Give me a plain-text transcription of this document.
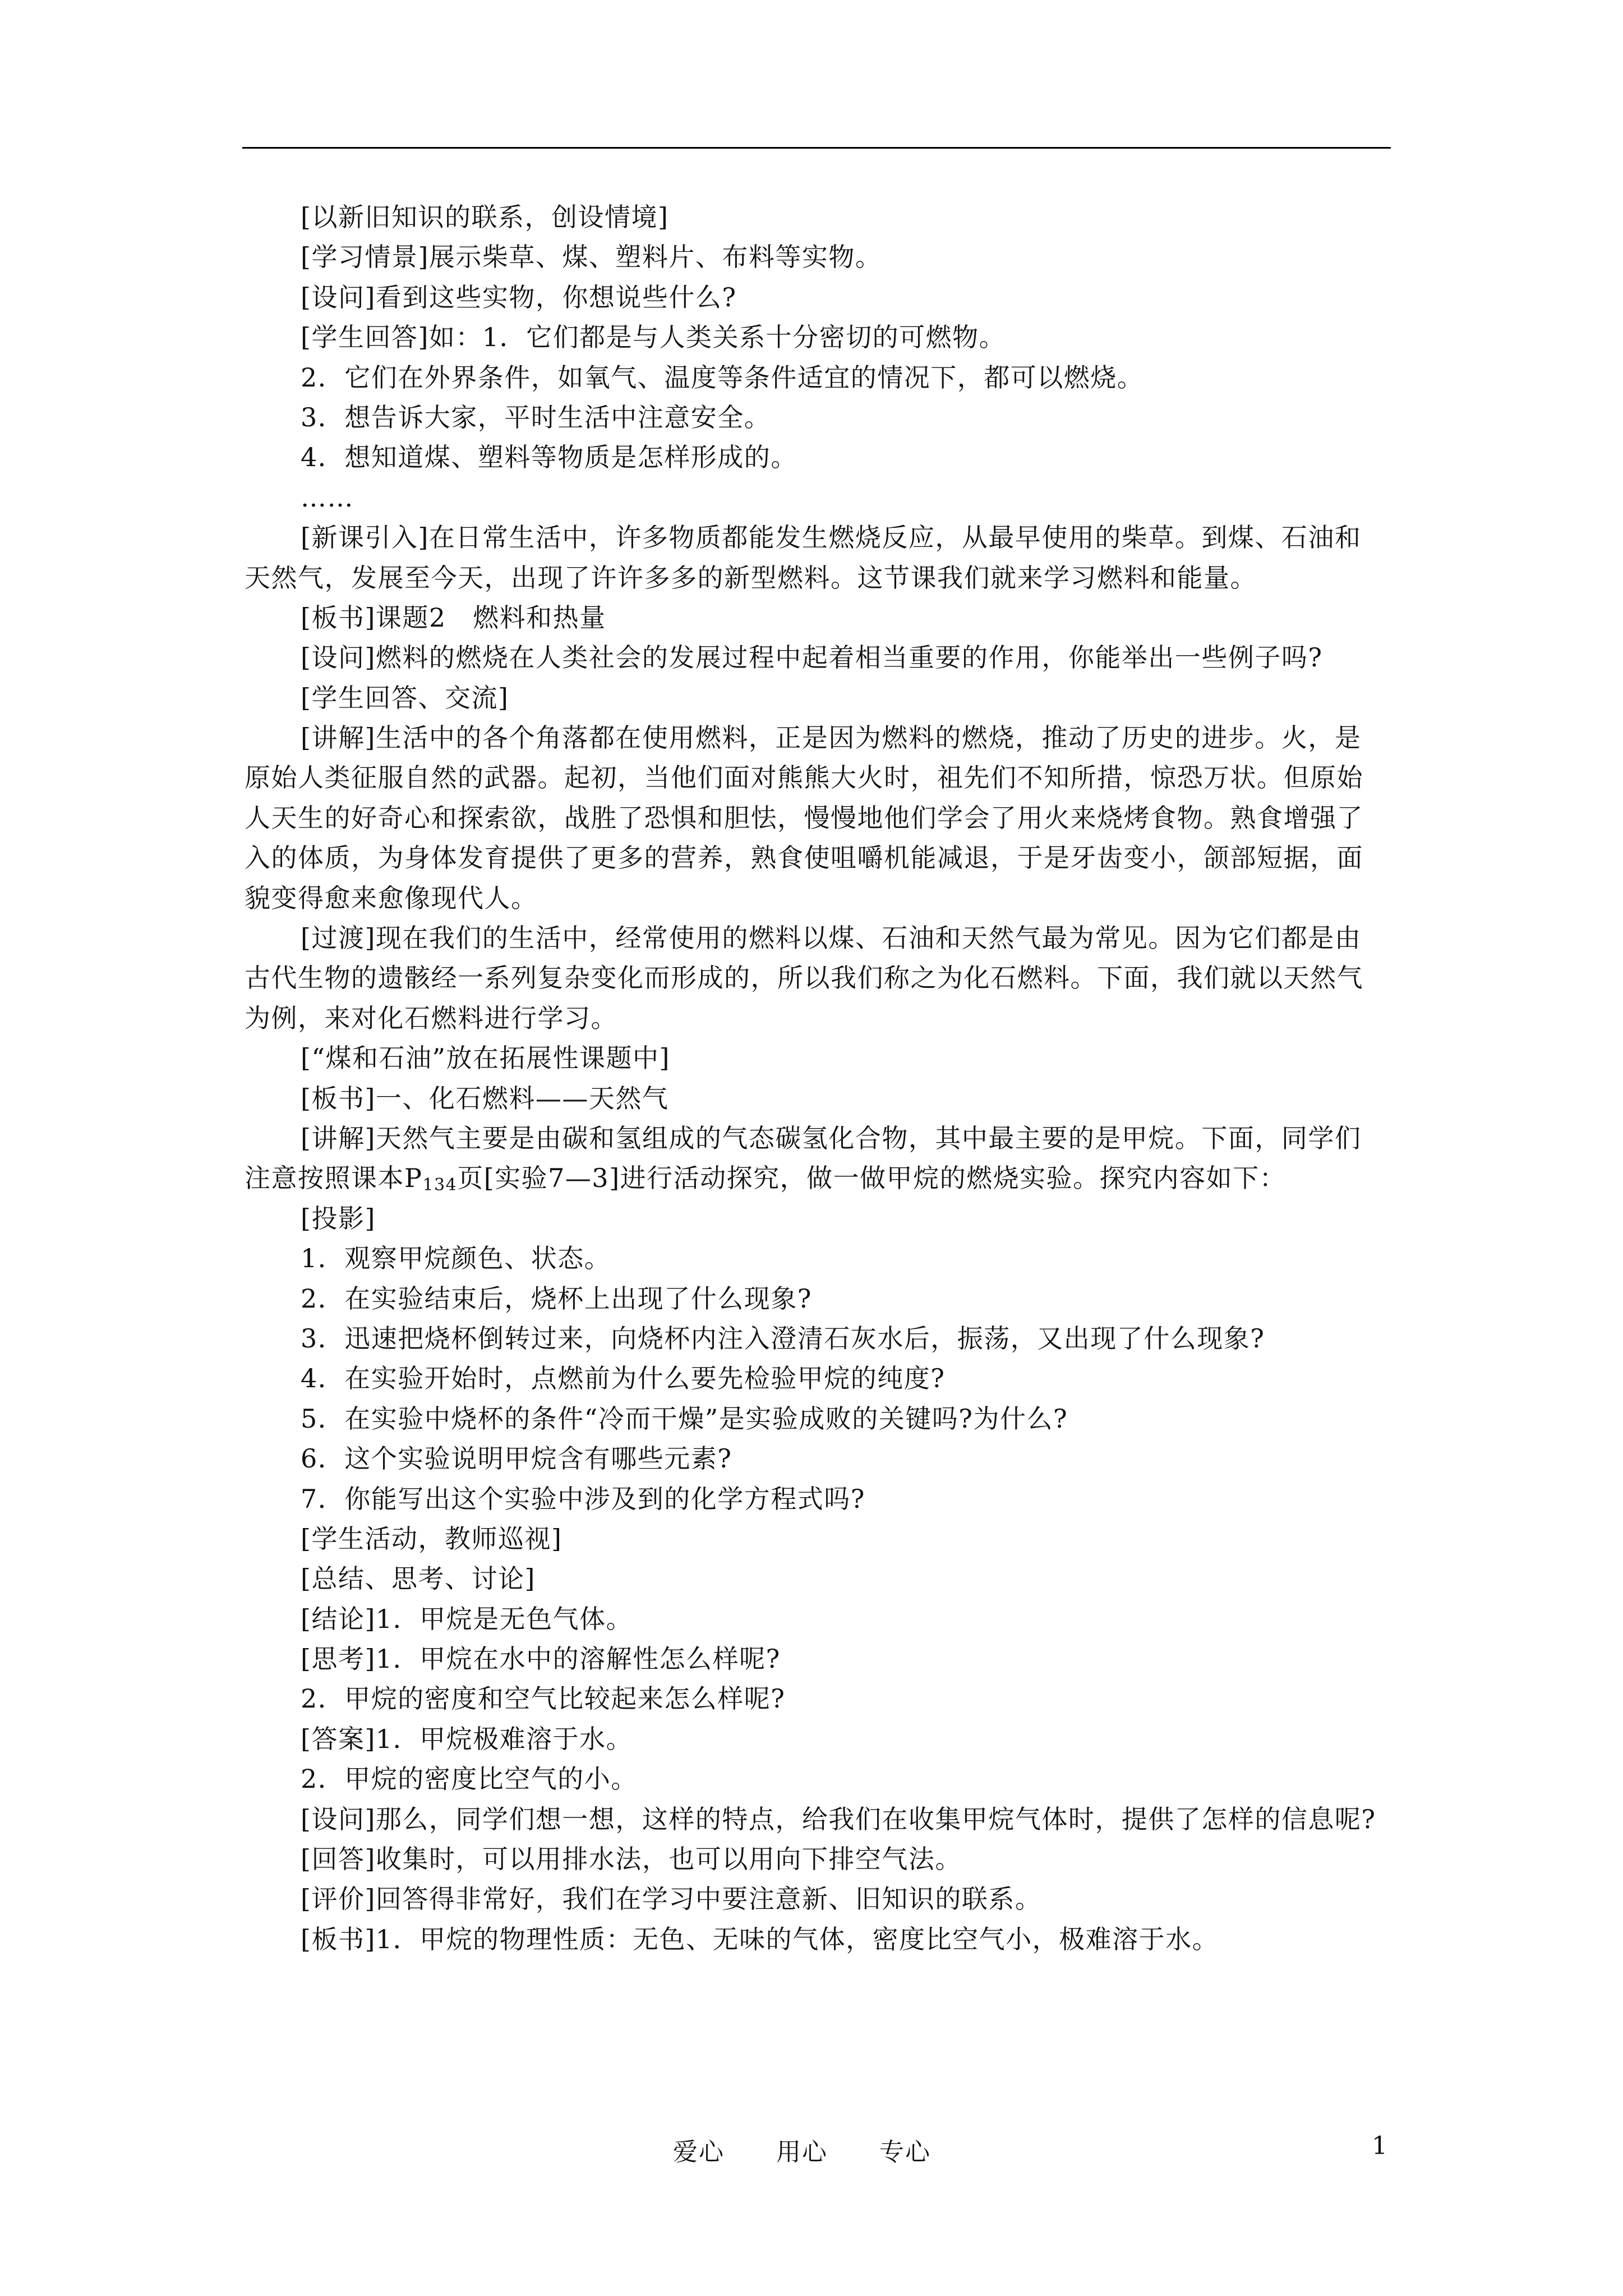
[以新旧知识的联系，创设情境]
[学习情景]展示柴草、煤、塑料片、布料等实物。
[设问]看到这些实物，你想说些什么?
[学生回答]如：1．它们都是与人类关系十分密切的可燃物。
2．它们在外界条件，如氧气、温度等条件适宜的情况下，都可以燃烧。
3．想告诉大家，平时生活中注意安全。
4．想知道煤、塑料等物质是怎样形成的。
……
[新课引入]在日常生活中，许多物质都能发生燃烧反应，从最早使用的柴草。到煤、石油和
天然气，发展至今天，出现了许许多多的新型燃料。这节课我们就来学习燃料和能量。
[板书]课题2　燃料和热量
[设问]燃料的燃烧在人类社会的发展过程中起着相当重要的作用，你能举出一些例子吗?
[学生回答、交流]
[讲解]生活中的各个角落都在使用燃料，正是因为燃料的燃烧，推动了历史的进步。火，是
原始人类征服自然的武器。起初，当他们面对熊熊大火时，祖先们不知所措，惊恐万状。但原始
人天生的好奇心和探索欲，战胜了恐惧和胆怯，慢慢地他们学会了用火来烧烤食物。熟食增强了
入的体质，为身体发育提供了更多的营养，熟食使咀嚼机能减退，于是牙齿变小，颌部短据，面
貌变得愈来愈像现代人。
[过渡]现在我们的生活中，经常使用的燃料以煤、石油和天然气最为常见。因为它们都是由
古代生物的遗骸经一系列复杂变化而形成的，所以我们称之为化石燃料。下面，我们就以天然气
为例，来对化石燃料进行学习。
[“煤和石油”放在拓展性课题中]
[板书]一、化石燃料——天然气
[讲解]天然气主要是由碳和氢组成的气态碳氢化合物，其中最主要的是甲烷。下面，同学们
注意按照课本$P_{134}$页[实验7—3]进行活动探究，做一做甲烷的燃烧实验。探究内容如下：
[投影]
1．观察甲烷颜色、状态。
2．在实验结束后，烧杯上出现了什么现象?
3．迅速把烧杯倒转过来，向烧杯内注入澄清石灰水后，振荡，又出现了什么现象?
4．在实验开始时，点燃前为什么要先检验甲烷的纯度?
5．在实验中烧杯的条件“冷而干燥”是实验成败的关键吗?为什么?
6．这个实验说明甲烷含有哪些元素?
7．你能写出这个实验中涉及到的化学方程式吗?
[学生活动，教师巡视]
[总结、思考、讨论]
[结论]1．甲烷是无色气体。
[思考]1．甲烷在水中的溶解性怎么样呢?
2．甲烷的密度和空气比较起来怎么样呢?
[答案]1．甲烷极难溶于水。
2．甲烷的密度比空气的小。
[设问]那么，同学们想一想，这样的特点，给我们在收集甲烷气体时，提供了怎样的信息呢?
[回答]收集时，可以用排水法，也可以用向下排空气法。
[评价]回答得非常好，我们在学习中要注意新、旧知识的联系。
[板书]1．甲烷的物理性质：无色、无味的气体，密度比空气小，极难溶于水。
爱心　　用心　　专心	1
